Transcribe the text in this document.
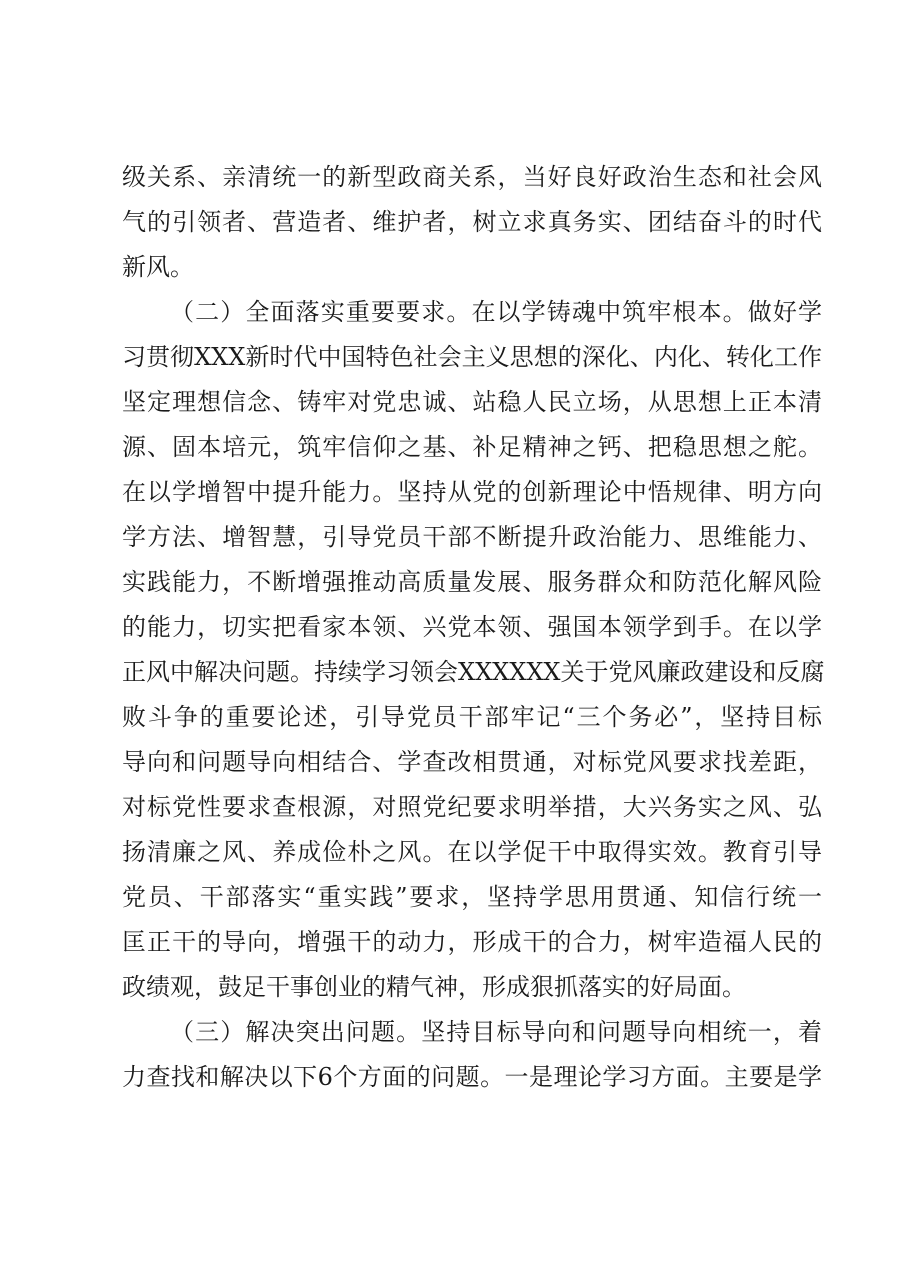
级关系、亲清统一的新型政商关系，当好良好政治生态和社会风
气的引领者、营造者、维护者，树立求真务实、团结奋斗的时代
新风。
（二）全面落实重要要求。在以学铸魂中筑牢根本。做好学
习贯彻XXX新时代中国特色社会主义思想的深化、内化、转化工作
坚定理想信念、铸牢对党忠诚、站稳人民立场，从思想上正本清
源、固本培元，筑牢信仰之基、补足精神之钙、把稳思想之舵。
在以学增智中提升能力。坚持从党的创新理论中悟规律、明方向
学方法、增智慧，引导党员干部不断提升政治能力、思维能力、
实践能力，不断增强推动高质量发展、服务群众和防范化解风险
的能力，切实把看家本领、兴党本领、强国本领学到手。在以学
正风中解决问题。持续学习领会XXXXXX关于党风廉政建设和反腐
败斗争的重要论述，引导党员干部牢记“三个务必”，坚持目标
导向和问题导向相结合、学查改相贯通，对标党风要求找差距，
对标党性要求查根源，对照党纪要求明举措，大兴务实之风、弘
扬清廉之风、养成俭朴之风。在以学促干中取得实效。教育引导
党员、干部落实“重实践”要求，坚持学思用贯通、知信行统一
匡正干的导向，增强干的动力，形成干的合力，树牢造福人民的
政绩观，鼓足干事创业的精气神，形成狠抓落实的好局面。
（三）解决突出问题。坚持目标导向和问题导向相统一，着
力查找和解决以下6个方面的问题。一是理论学习方面。主要是学
